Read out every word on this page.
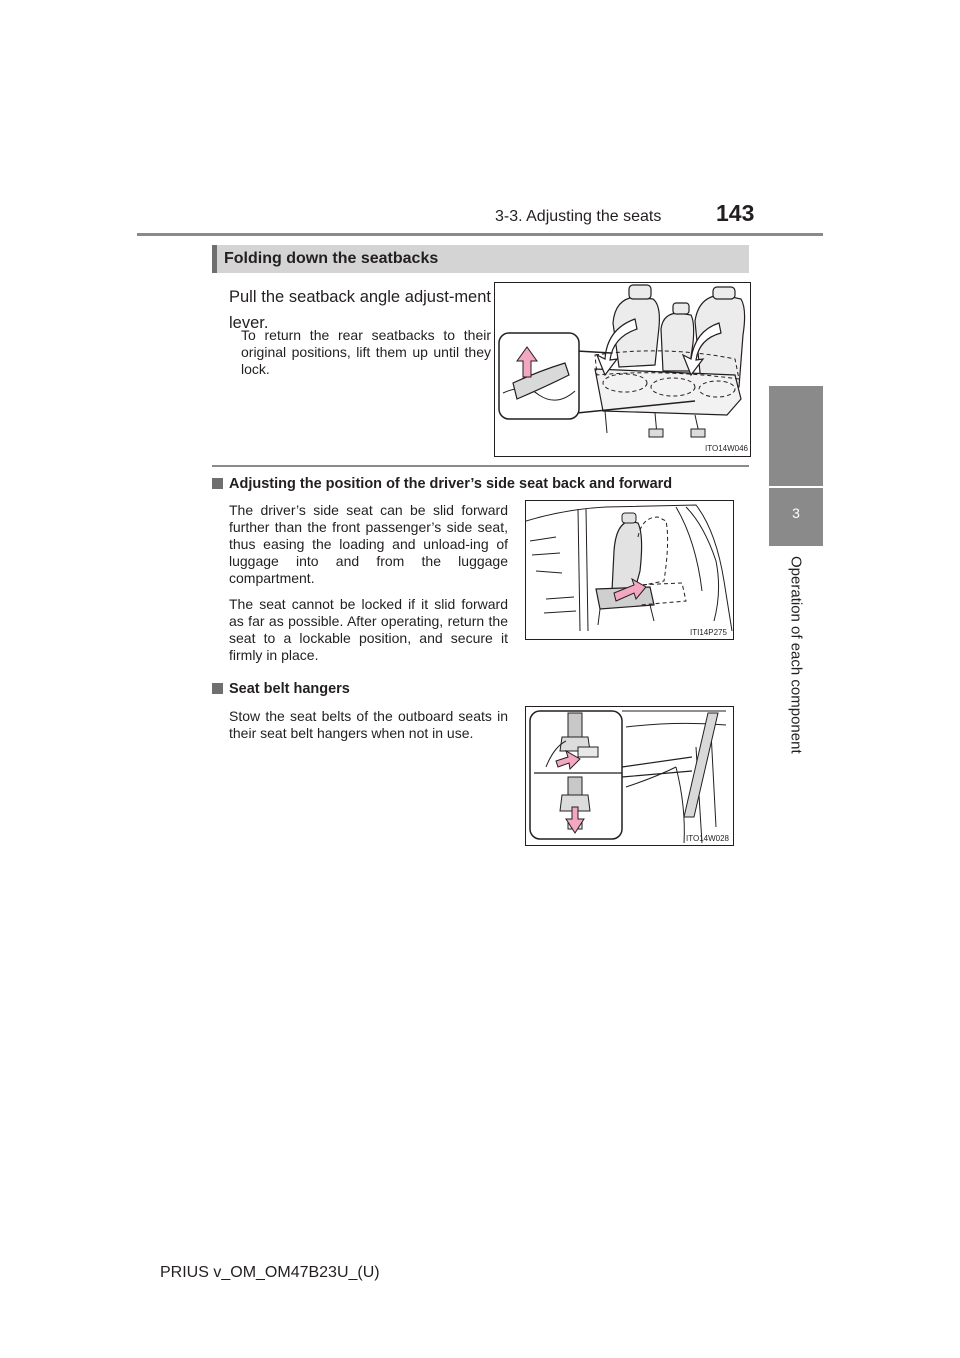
3-3. Adjusting the seats 143
3
Operation of each component
Folding down the seatbacks
Pull the seatback angle adjust-ment lever.
To return the rear seatbacks to their original positions, lift them up until they lock.
ITO14W046
Adjusting the position of the driver’s side seat back and forward
The driver’s side seat can be slid forward further than the front passenger’s side seat, thus easing the loading and unload-ing of luggage into and from the luggage compartment.
The seat cannot be locked if it slid forward as far as possible. After operating, return the seat to a lockable position, and secure it firmly in place.
ITI14P275
Seat belt hangers
Stow the seat belts of the outboard seats in their seat belt hangers when not in use.
ITO14W028
PRIUS v_OM_OM47B23U_(U)
